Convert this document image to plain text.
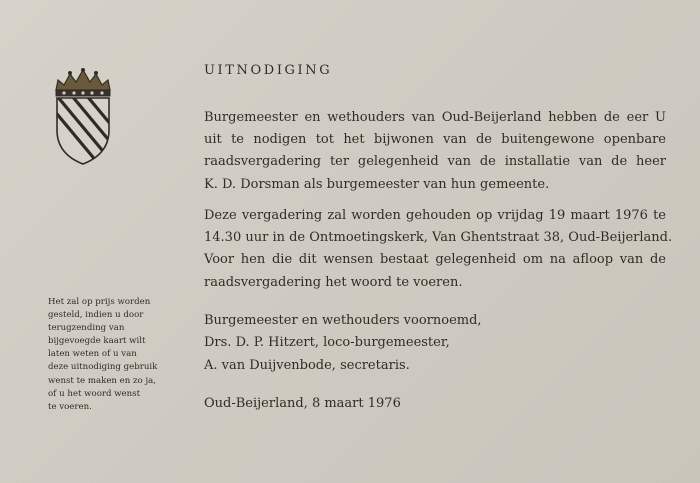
UITNODIGING

Burgemeester en wethouders van Oud-Beijerland hebben de eer U
uit te nodigen tot het bijwonen van de buitengewone openbare
raadsvergadering ter gelegenheid van de installatie van de heer
K. D. Dorsman als burgemeester van hun gemeente.

Deze vergadering zal worden gehouden op vrijdag 19 maart 1976 te
14.30 uur in de Ontmoetingskerk, Van Ghentstraat 38, Oud-Beijerland.
Voor hen die dit wensen bestaat gelegenheid om na afloop van de
raadsvergadering het woord te voeren.

Burgemeester en wethouders voornoemd,
Drs. D. P. Hitzert, loco-burgemeester,
A. van Duijvenbode, secretaris.
Oud-Beijerland, 8 maart 1976
Het zal op prijs worden
gesteld, indien u door
terugzending van
bijgevoegde kaart wilt
laten weten of u van
deze uitnodiging gebruik
wenst te maken en zo ja,
of u het woord wenst
te voeren.
